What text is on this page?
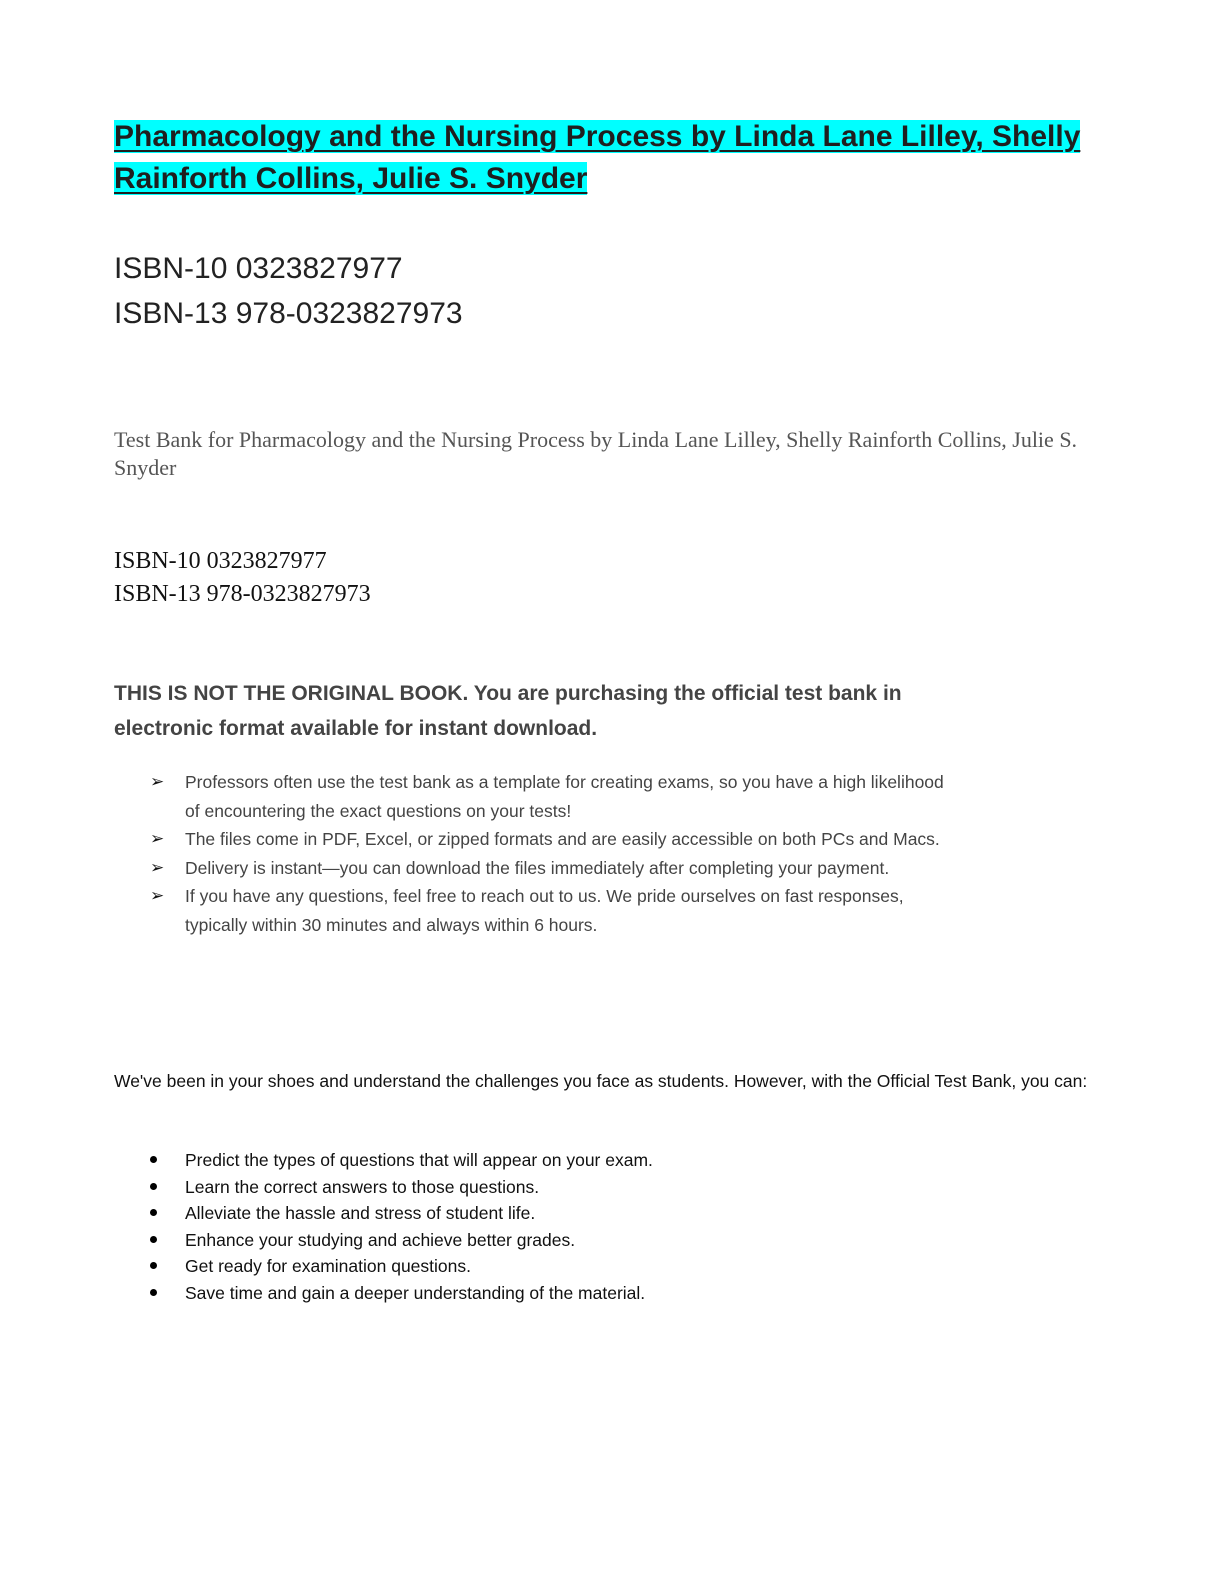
Pharmacology and the Nursing Process by Linda Lane Lilley, Shelly Rainforth Collins, Julie S. Snyder
ISBN-10 0323827977
ISBN-13 978-0323827973
Test Bank for Pharmacology and the Nursing Process by Linda Lane Lilley, Shelly Rainforth Collins, Julie S. Snyder
ISBN-10 0323827977
ISBN-13 978-0323827973
THIS IS NOT THE ORIGINAL BOOK. You are purchasing the official test bank in electronic format available for instant download.
➢ Professors often use the test bank as a template for creating exams, so you have a high likelihood of encountering the exact questions on your tests!
➢ The files come in PDF, Excel, or zipped formats and are easily accessible on both PCs and Macs.
➢ Delivery is instant—you can download the files immediately after completing your payment.
➢ If you have any questions, feel free to reach out to us. We pride ourselves on fast responses, typically within 30 minutes and always within 6 hours.
We've been in your shoes and understand the challenges you face as students. However, with the Official Test Bank, you can:
Predict the types of questions that will appear on your exam.
Learn the correct answers to those questions.
Alleviate the hassle and stress of student life.
Enhance your studying and achieve better grades.
Get ready for examination questions.
Save time and gain a deeper understanding of the material.
